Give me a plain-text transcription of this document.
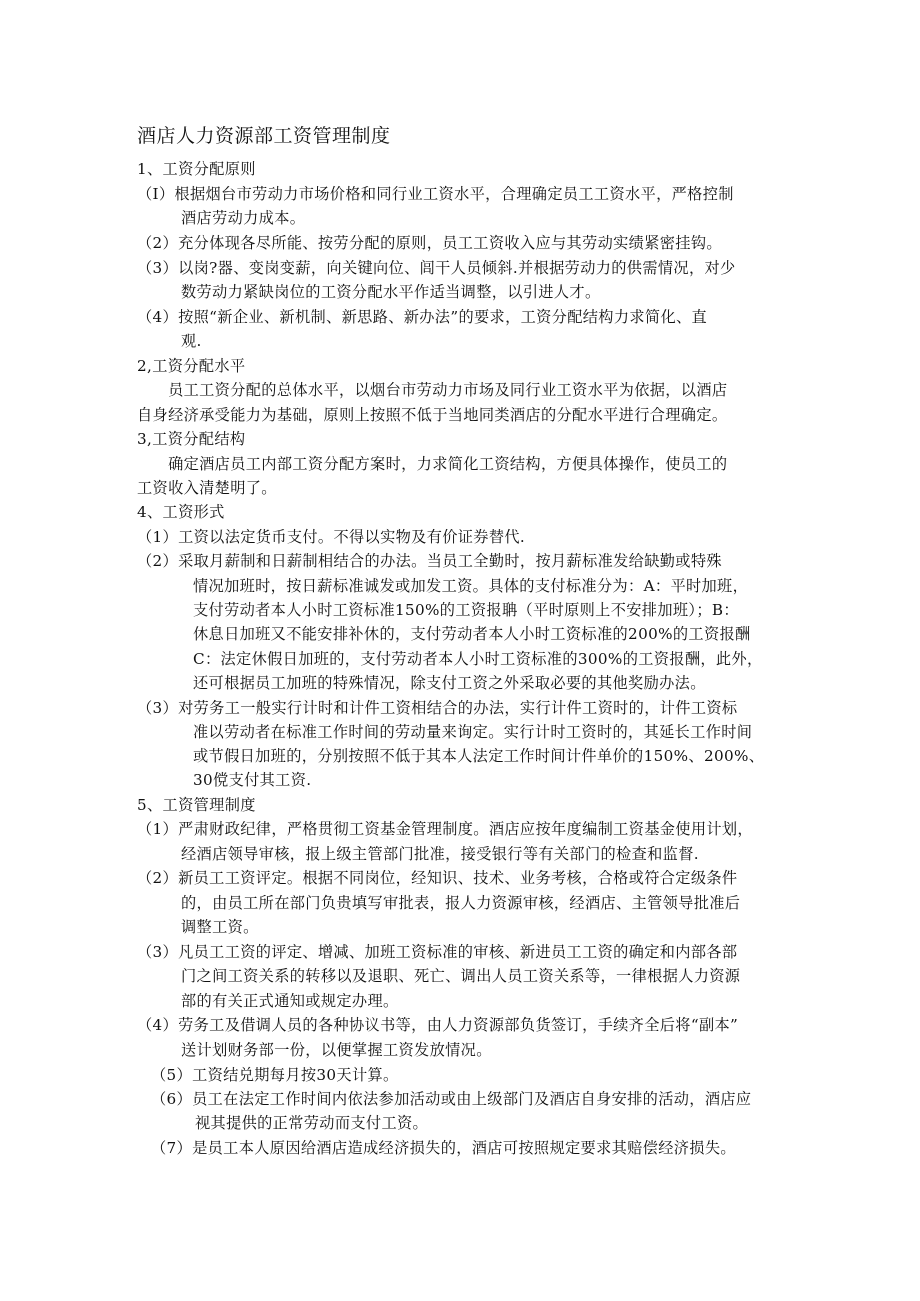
酒店人力资源部工资管理制度
1、工资分配原则
（I）根据烟台市劳动力市场价格和同行业工资水平，合理确定员工工资水平，严格控制
酒店劳动力成本。
（2）充分体现各尽所能、按劳分配的原则，员工工资收入应与其劳动实绩紧密挂钩。
（3）以岗?器、变岗变薪，向关键向位、闾干人员倾斜.并根据劳动力的供需情况，对少
数劳动力紧缺岗位的工资分配水平作适当调整，以引进人才。
（4）按照“新企业、新机制、新思路、新办法”的要求，工资分配结构力求简化、直
观.
2,工资分配水平
　　员工工资分配的总体水平，以烟台市劳动力市场及同行业工资水平为依据，以酒店
自身经济承受能力为基础，原则上按照不低于当地同类酒店的分配水平进行合理确定。
3,工资分配结构
　　确定酒店员工内部工资分配方案时，力求简化工资结构，方便具体操作，使员工的
工资收入清楚明了。
4、工资形式
（1）工资以法定货币支付。不得以实物及有价证券替代.
（2）采取月薪制和日薪制相结合的办法。当员工全勤时，按月薪标准发给缺勤或特殊
情况加班时，按日薪标准诚发或加发工资。具体的支付标准分为：A：平时加班，
支付劳动者本人小时工资标准150%的工资报聃（平时原则上不安排加班）；B：
休息日加班又不能安排补休的，支付劳动者本人小时工资标准的200%的工资报酬
C：法定休假日加班的，支付劳动者本人小时工资标准的300%的工资报酬，此外，
还可根据员工加班的特殊情况，除支付工资之外采取必要的其他奖励办法。
（3）对劳务工一般实行计时和计件工资相结合的办法，实行计件工资时的，计件工资标
准以劳动者在标准工作时间的劳动量来询定。实行计时工资时的，其延长工作时间
或节假日加班的，分别按照不低于其本人法定工作时间计件单价的150%、200%、
30傥支付其工资.
5、工资管理制度
（1）严肃财政纪律，严格贯彻工资基金管理制度。酒店应按年度编制工资基金使用计划，
经酒店领导审核，报上级主管部门批准，接受银行等有关部门的检查和监督.
（2）新员工工资评定。根据不同岗位，经知识、技术、业务考核，合格或符合定级条件
的，由员工所在部门负贵填写审批表，报人力资源审核，经酒店、主管领导批准后
调整工资。
（3）凡员工工资的评定、增减、加班工资标准的审核、新进员工工资的确定和内部各部
门之间工资关系的转移以及退职、死亡、调出人员工资关系等，一律根据人力资源
部的有关正式通知或规定办理。
（4）劳务工及借调人员的各种协议书等，由人力资源部负货签订，手续齐全后将“副本”
送计划财务部一份，以便掌握工资发放情况。
（5）工资结兑期每月按30天计算。
（6）员工在法定工作时间内依法参加活动或由上级部门及酒店自身安排的活动，酒店应
视其提供的正常劳动而支付工资。
（7）是员工本人原因给酒店造成经济损失的，酒店可按照规定要求其赔偿经济损失。
